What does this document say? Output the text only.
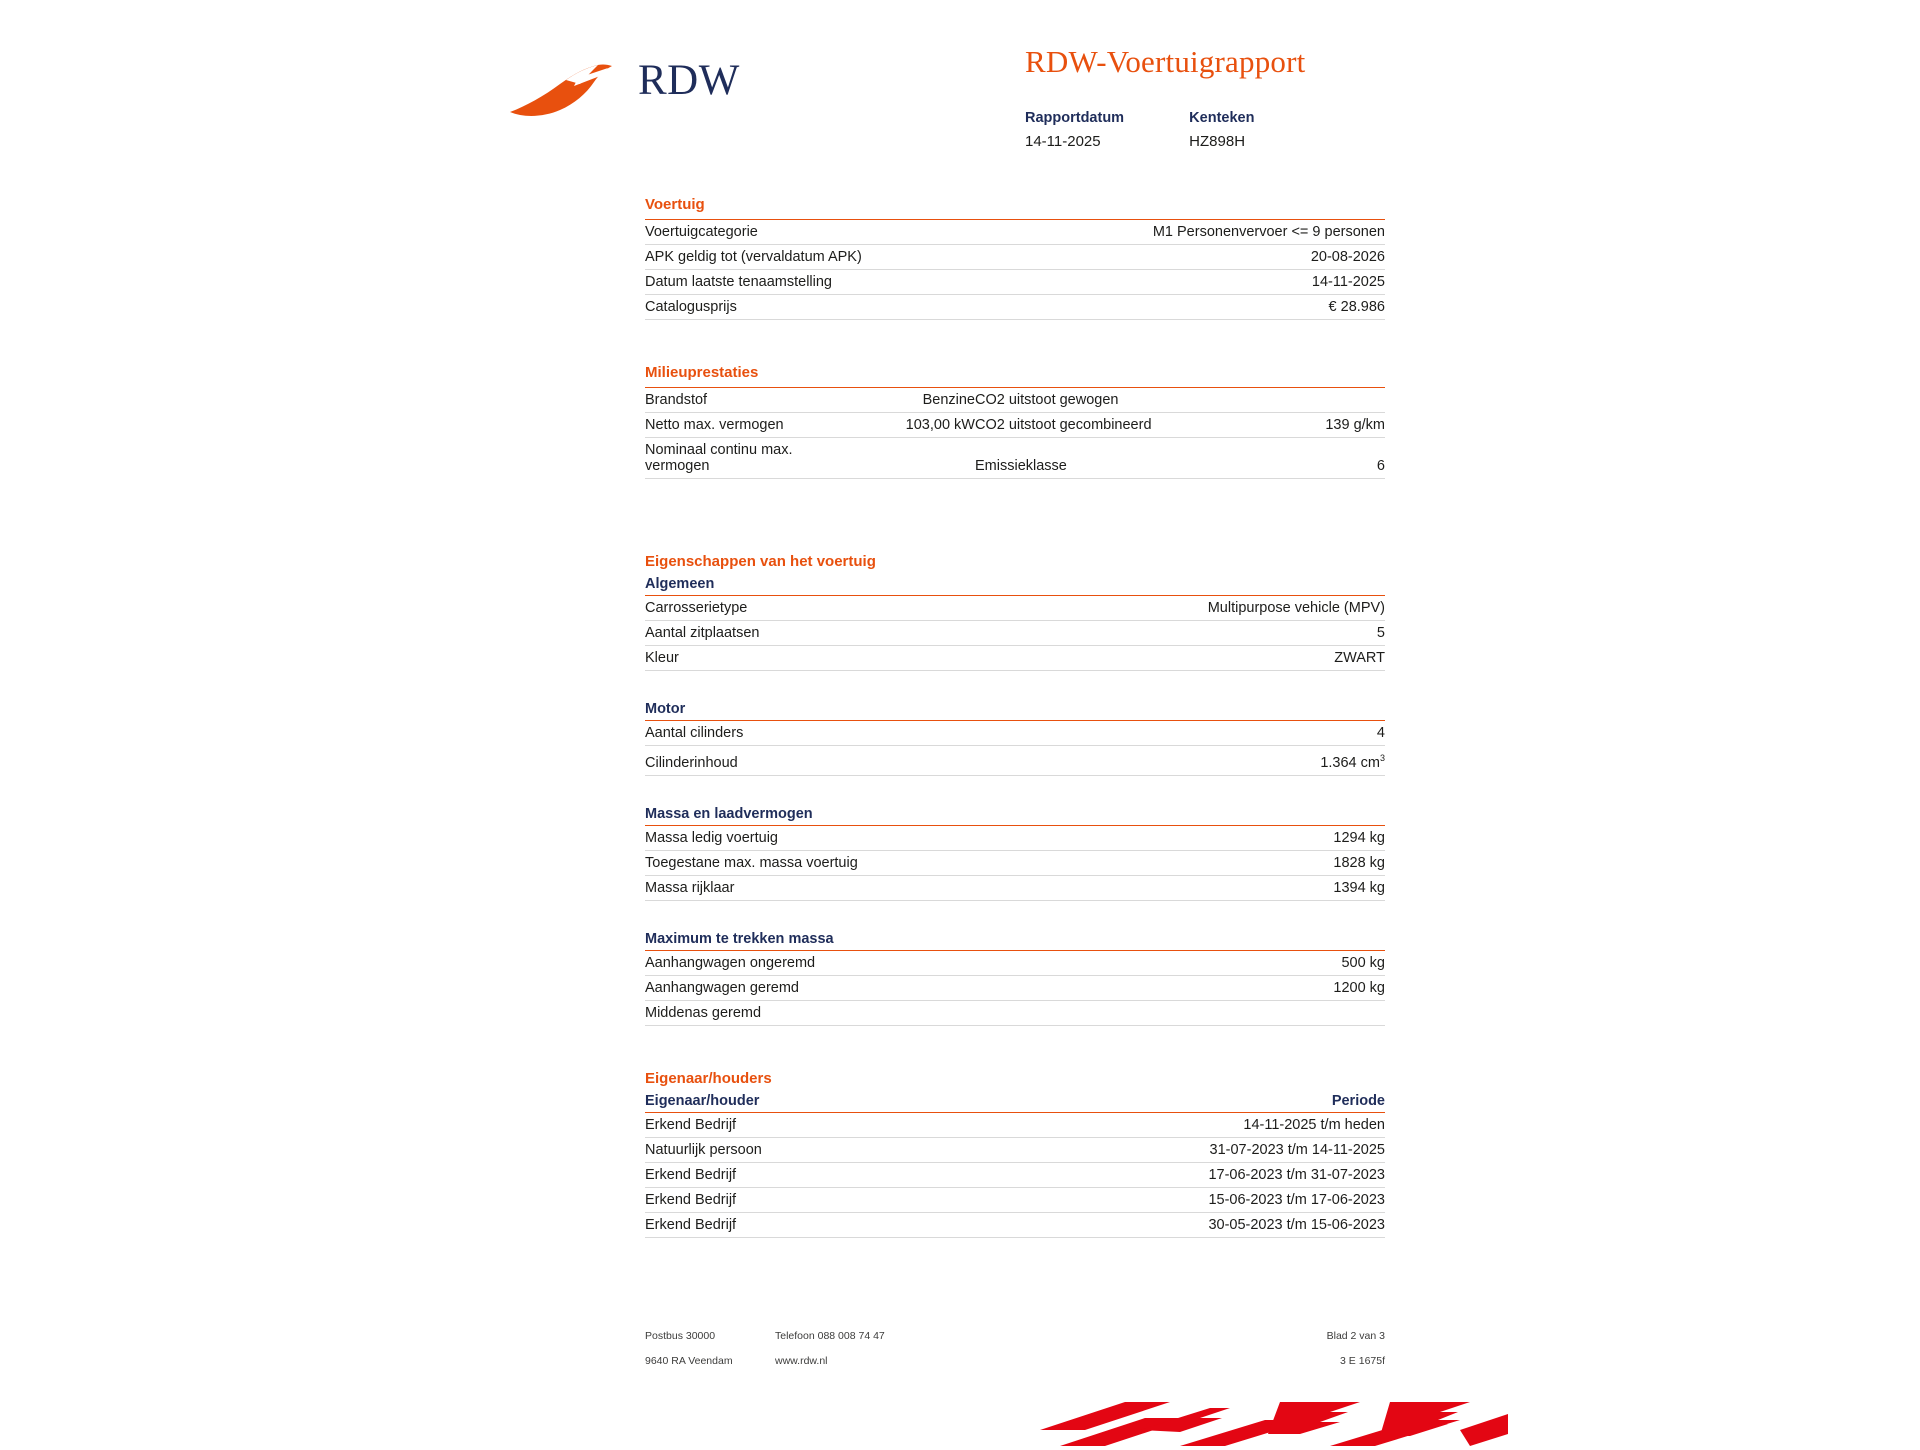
RDW	RDW-Voertuigrapport
Rapportdatum
14-11-2025

Kenteken
HZ898H
Voertuig
Voertuigcategorie	M1 Personenvervoer <= 9 personen
APK geldig tot (vervaldatum APK)	20-08-2026
Datum laatste tenaamstelling	14-11-2025
Catalogusprijs	€ 28.986
Milieuprestaties
Brandstof	Benzine	CO2 uitstoot gewogen	
Netto max. vermogen	103,00 kW	CO2 uitstoot gecombineerd	139 g/km
Nominaal continu max. vermogen		Emissieklasse	6
Eigenschappen van het voertuig
Algemeen
Carrosserietype	Multipurpose vehicle (MPV)
Aantal zitplaatsen	5
Kleur	ZWART
Motor
Aantal cilinders	4
Cilinderinhoud	1.364 $cm^3$
Massa en laadvermogen
Massa ledig voertuig	1294 kg
Toegestane max. massa voertuig	1828 kg
Massa rijklaar	1394 kg
Maximum te trekken massa
Aanhangwagen ongeremd	500 kg
Aanhangwagen geremd	1200 kg
Middenas geremd	
Eigenaar/houders
Eigenaar/houder	Periode
Erkend Bedrijf	14-11-2025 t/m heden
Natuurlijk persoon	31-07-2023 t/m 14-11-2025
Erkend Bedrijf	17-06-2023 t/m 31-07-2023
Erkend Bedrijf	15-06-2023 t/m 17-06-2023
Erkend Bedrijf	30-05-2023 t/m 15-06-2023
Postbus 30000	Telefoon 088 008 74 47	Blad 2 van 3
9640 RA Veendam	www.rdw.nl	3 E 1675f
